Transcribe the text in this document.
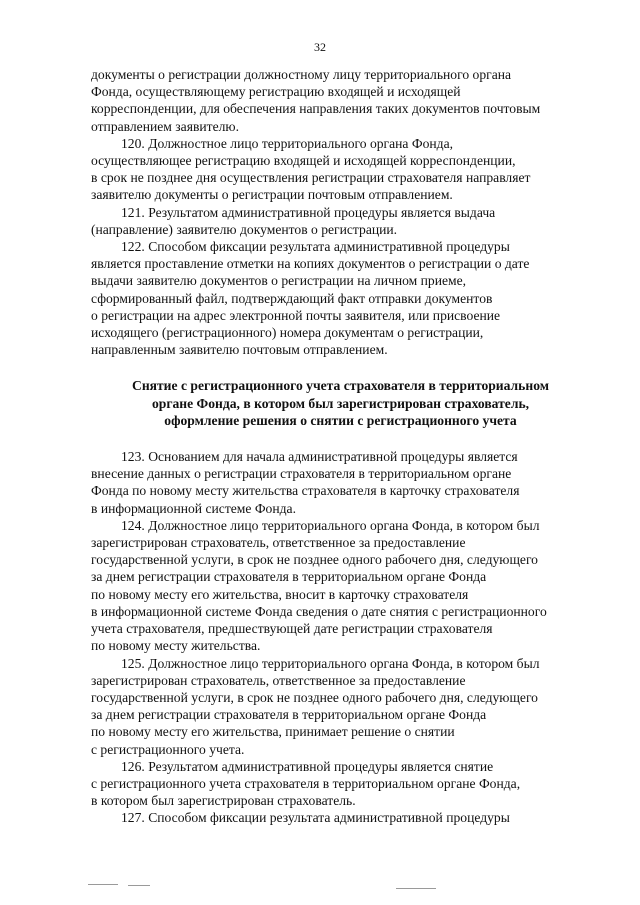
32

документы о регистрации должностному лицу территориального органа
Фонда, осуществляющему регистрацию входящей и исходящей
корреспонденции, для обеспечения направления таких документов почтовым
отправлением заявителю.

120. Должностное лицо территориального органа Фонда,
осуществляющее регистрацию входящей и исходящей корреспонденции,
в срок не позднее дня осуществления регистрации страхователя направляет
заявителю документы о регистрации почтовым отправлением.

121. Результатом административной процедуры является выдача
(направление) заявителю документов о регистрации.

122. Способом фиксации результата административной процедуры
является проставление отметки на копиях документов о регистрации о дате
выдачи заявителю документов о регистрации на личном приеме,
сформированный файл, подтверждающий факт отправки документов
о регистрации на адрес электронной почты заявителя, или присвоение
исходящего (регистрационного) номера документам о регистрации,
направленным заявителю почтовым отправлением.

Снятие с регистрационного учета страхователя в территориальном
органе Фонда, в котором был зарегистрирован страхователь,
оформление решения о снятии с регистрационного учета

123. Основанием для начала административной процедуры является
внесение данных о регистрации страхователя в территориальном органе
Фонда по новому месту жительства страхователя в карточку страхователя
в информационной системе Фонда.

124. Должностное лицо территориального органа Фонда, в котором был
зарегистрирован страхователь, ответственное за предоставление
государственной услуги, в срок не позднее одного рабочего дня, следующего
за днем регистрации страхователя в территориальном органе Фонда
по новому месту его жительства, вносит в карточку страхователя
в информационной системе Фонда сведения о дате снятия с регистрационного
учета страхователя, предшествующей дате регистрации страхователя
по новому месту жительства.

125. Должностное лицо территориального органа Фонда, в котором был
зарегистрирован страхователь, ответственное за предоставление
государственной услуги, в срок не позднее одного рабочего дня, следующего
за днем регистрации страхователя в территориальном органе Фонда
по новому месту его жительства, принимает решение о снятии
с регистрационного учета.

126. Результатом административной процедуры является снятие
с регистрационного учета страхователя в территориальном органе Фонда,
в котором был зарегистрирован страхователь.

127. Способом фиксации результата административной процедуры
